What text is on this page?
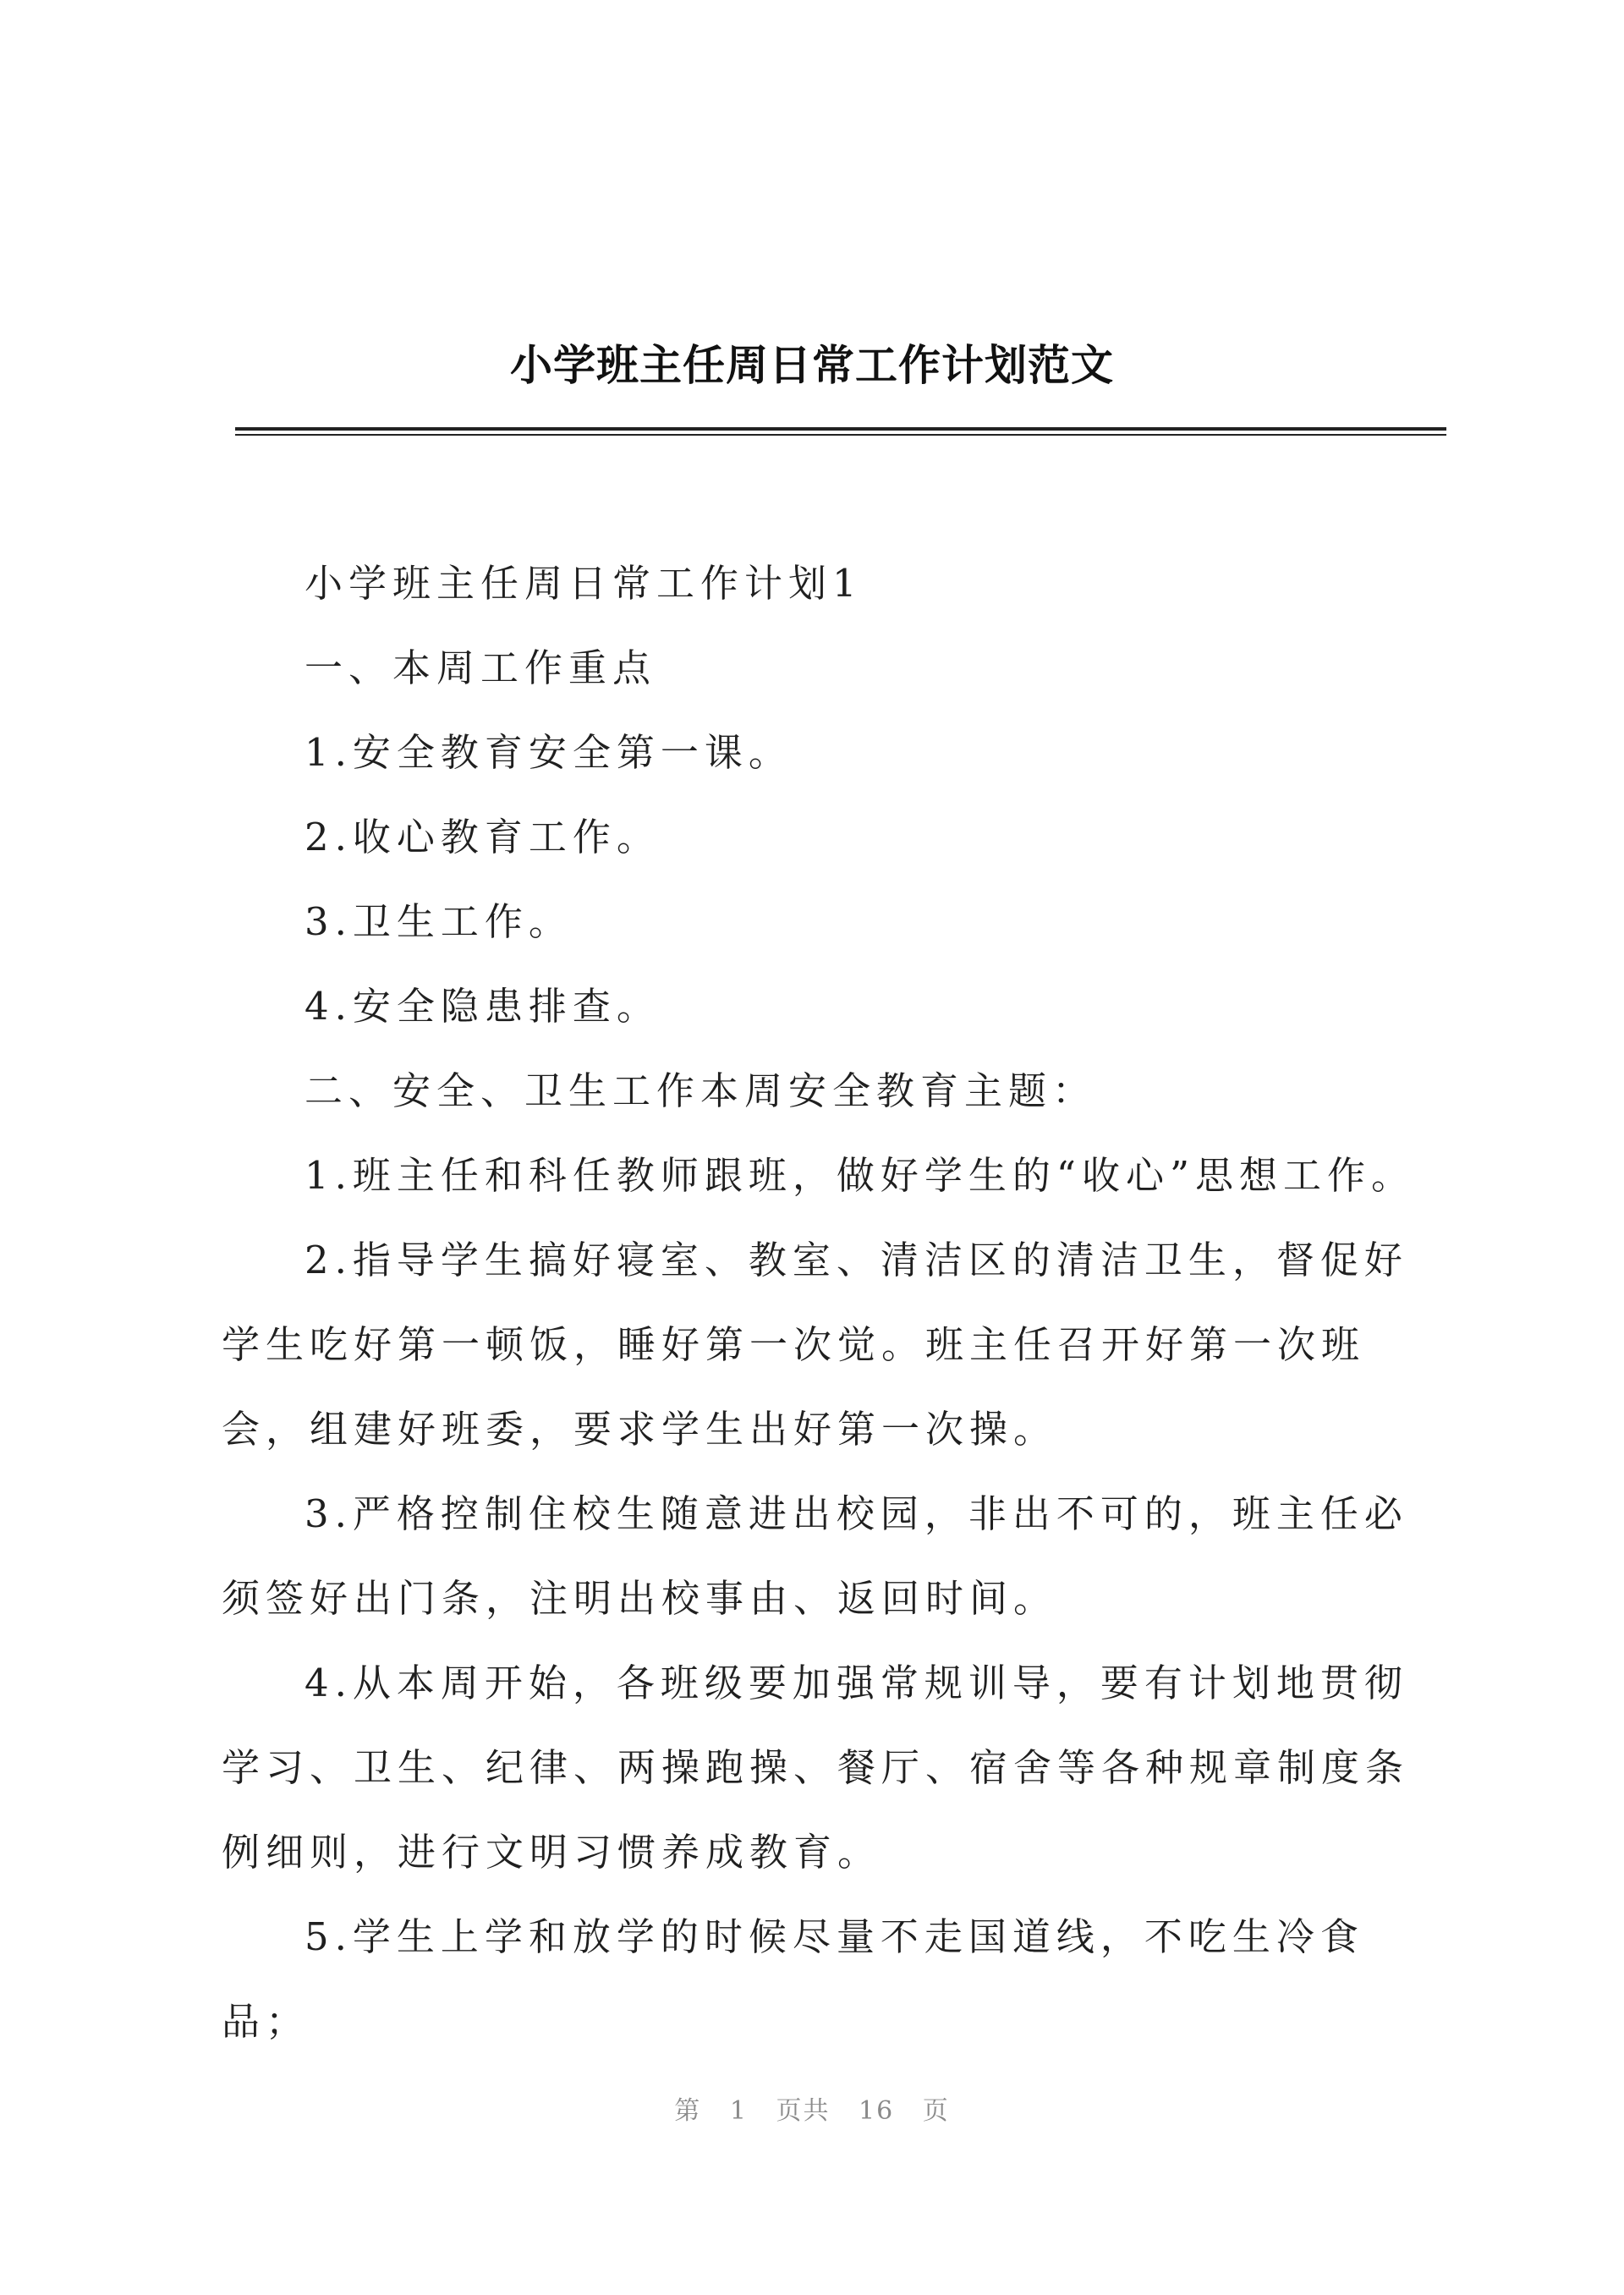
小学班主任周日常工作计划范文

小学班主任周日常工作计划1

一、本周工作重点

1.安全教育安全第一课。

2.收心教育工作。

3.卫生工作。

4.安全隐患排查。

二、安全、卫生工作本周安全教育主题：

1.班主任和科任教师跟班，做好学生的“收心”思想工作。

2.指导学生搞好寝室、教室、清洁区的清洁卫生，督促好学生吃好第一顿饭，睡好第一次觉。班主任召开好第一次班会，组建好班委，要求学生出好第一次操。

3.严格控制住校生随意进出校园，非出不可的，班主任必须签好出门条，注明出校事由、返回时间。

4.从本周开始，各班级要加强常规训导，要有计划地贯彻学习、卫生、纪律、两操跑操、餐厅、宿舍等各种规章制度条例细则，进行文明习惯养成教育。

5.学生上学和放学的时候尽量不走国道线，不吃生冷食品；

第 1 页共 16 页
